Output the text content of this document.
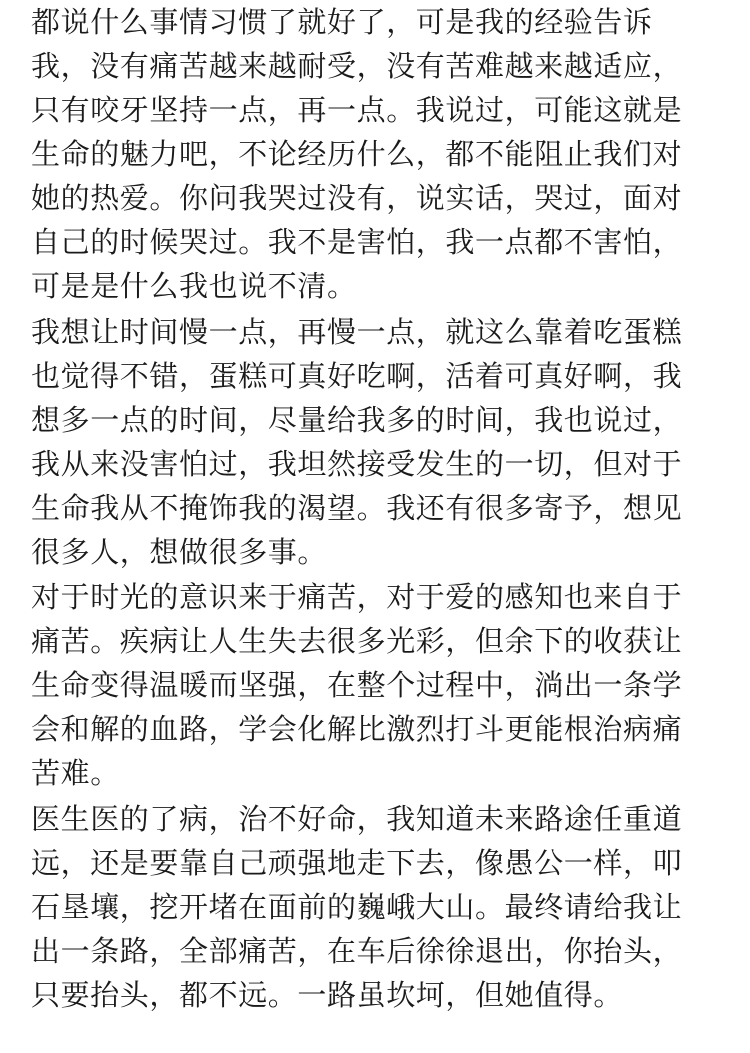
都说什么事情习惯了就好了，可是我的经验告诉
我，没有痛苦越来越耐受，没有苦难越来越适应，
只有咬牙坚持一点，再一点。我说过，可能这就是
生命的魅力吧，不论经历什么，都不能阻止我们对
她的热爱。你问我哭过没有，说实话，哭过，面对
自己的时候哭过。我不是害怕，我一点都不害怕，
可是是什么我也说不清。
我想让时间慢一点，再慢一点，就这么靠着吃蛋糕
也觉得不错，蛋糕可真好吃啊，活着可真好啊，我
想多一点的时间，尽量给我多的时间，我也说过，
我从来没害怕过，我坦然接受发生的一切，但对于
生命我从不掩饰我的渴望。我还有很多寄予，想见
很多人，想做很多事。
对于时光的意识来于痛苦，对于爱的感知也来自于
痛苦。疾病让人生失去很多光彩，但余下的收获让
生命变得温暖而坚强，在整个过程中，淌出一条学
会和解的血路，学会化解比激烈打斗更能根治病痛
苦难。
医生医的了病，治不好命，我知道未来路途任重道
远，还是要靠自己顽强地走下去，像愚公一样，叩
石垦壤，挖开堵在面前的巍峨大山。最终请给我让
出一条路，全部痛苦，在车后徐徐退出，你抬头，
只要抬头，都不远。一路虽坎坷，但她值得。
